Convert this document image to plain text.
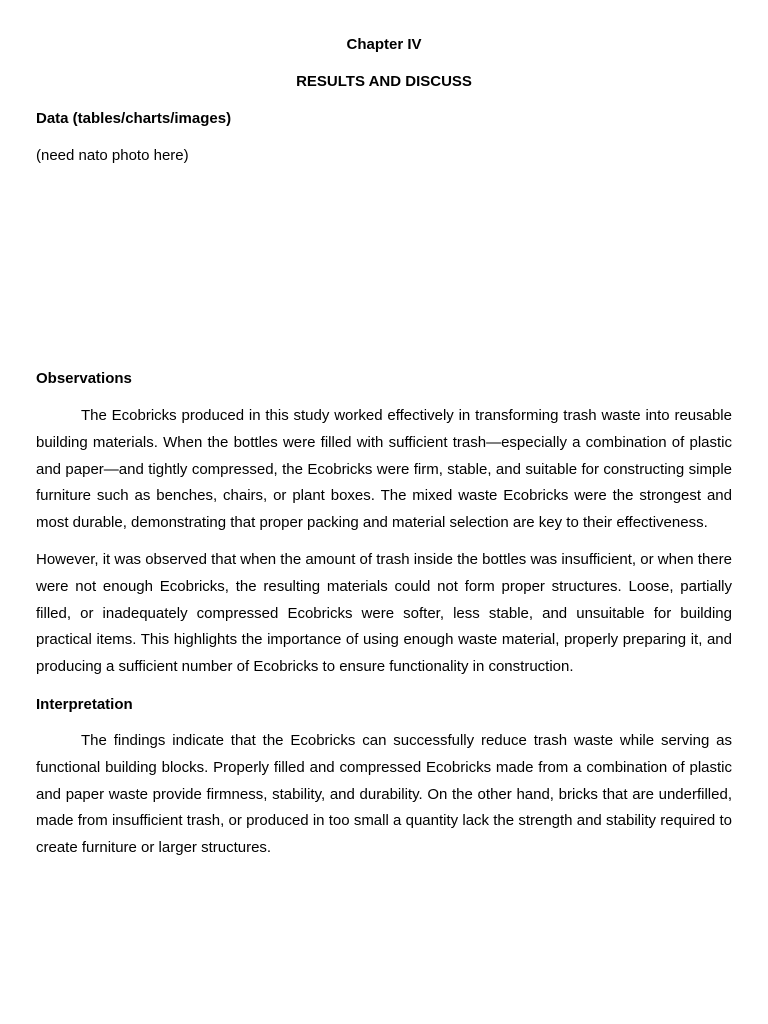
Chapter IV
RESULTS AND DISCUSS
Data (tables/charts/images)
(need nato photo here)
Observations

The Ecobricks produced in this study worked effectively in transforming trash waste into reusable building materials. When the bottles were filled with sufficient trash—especially a combination of plastic and paper—and tightly compressed, the Ecobricks were firm, stable, and suitable for constructing simple furniture such as benches, chairs, or plant boxes. The mixed waste Ecobricks were the strongest and most durable, demonstrating that proper packing and material selection are key to their effectiveness.

However, it was observed that when the amount of trash inside the bottles was insufficient, or when there were not enough Ecobricks, the resulting materials could not form proper structures. Loose, partially filled, or inadequately compressed Ecobricks were softer, less stable, and unsuitable for building practical items. This highlights the importance of using enough waste material, properly preparing it, and producing a sufficient number of Ecobricks to ensure functionality in construction.

Interpretation

The findings indicate that the Ecobricks can successfully reduce trash waste while serving as functional building blocks. Properly filled and compressed Ecobricks made from a combination of plastic and paper waste provide firmness, stability, and durability. On the other hand, bricks that are underfilled, made from insufficient trash, or produced in too small a quantity lack the strength and stability required to create furniture or larger structures.
